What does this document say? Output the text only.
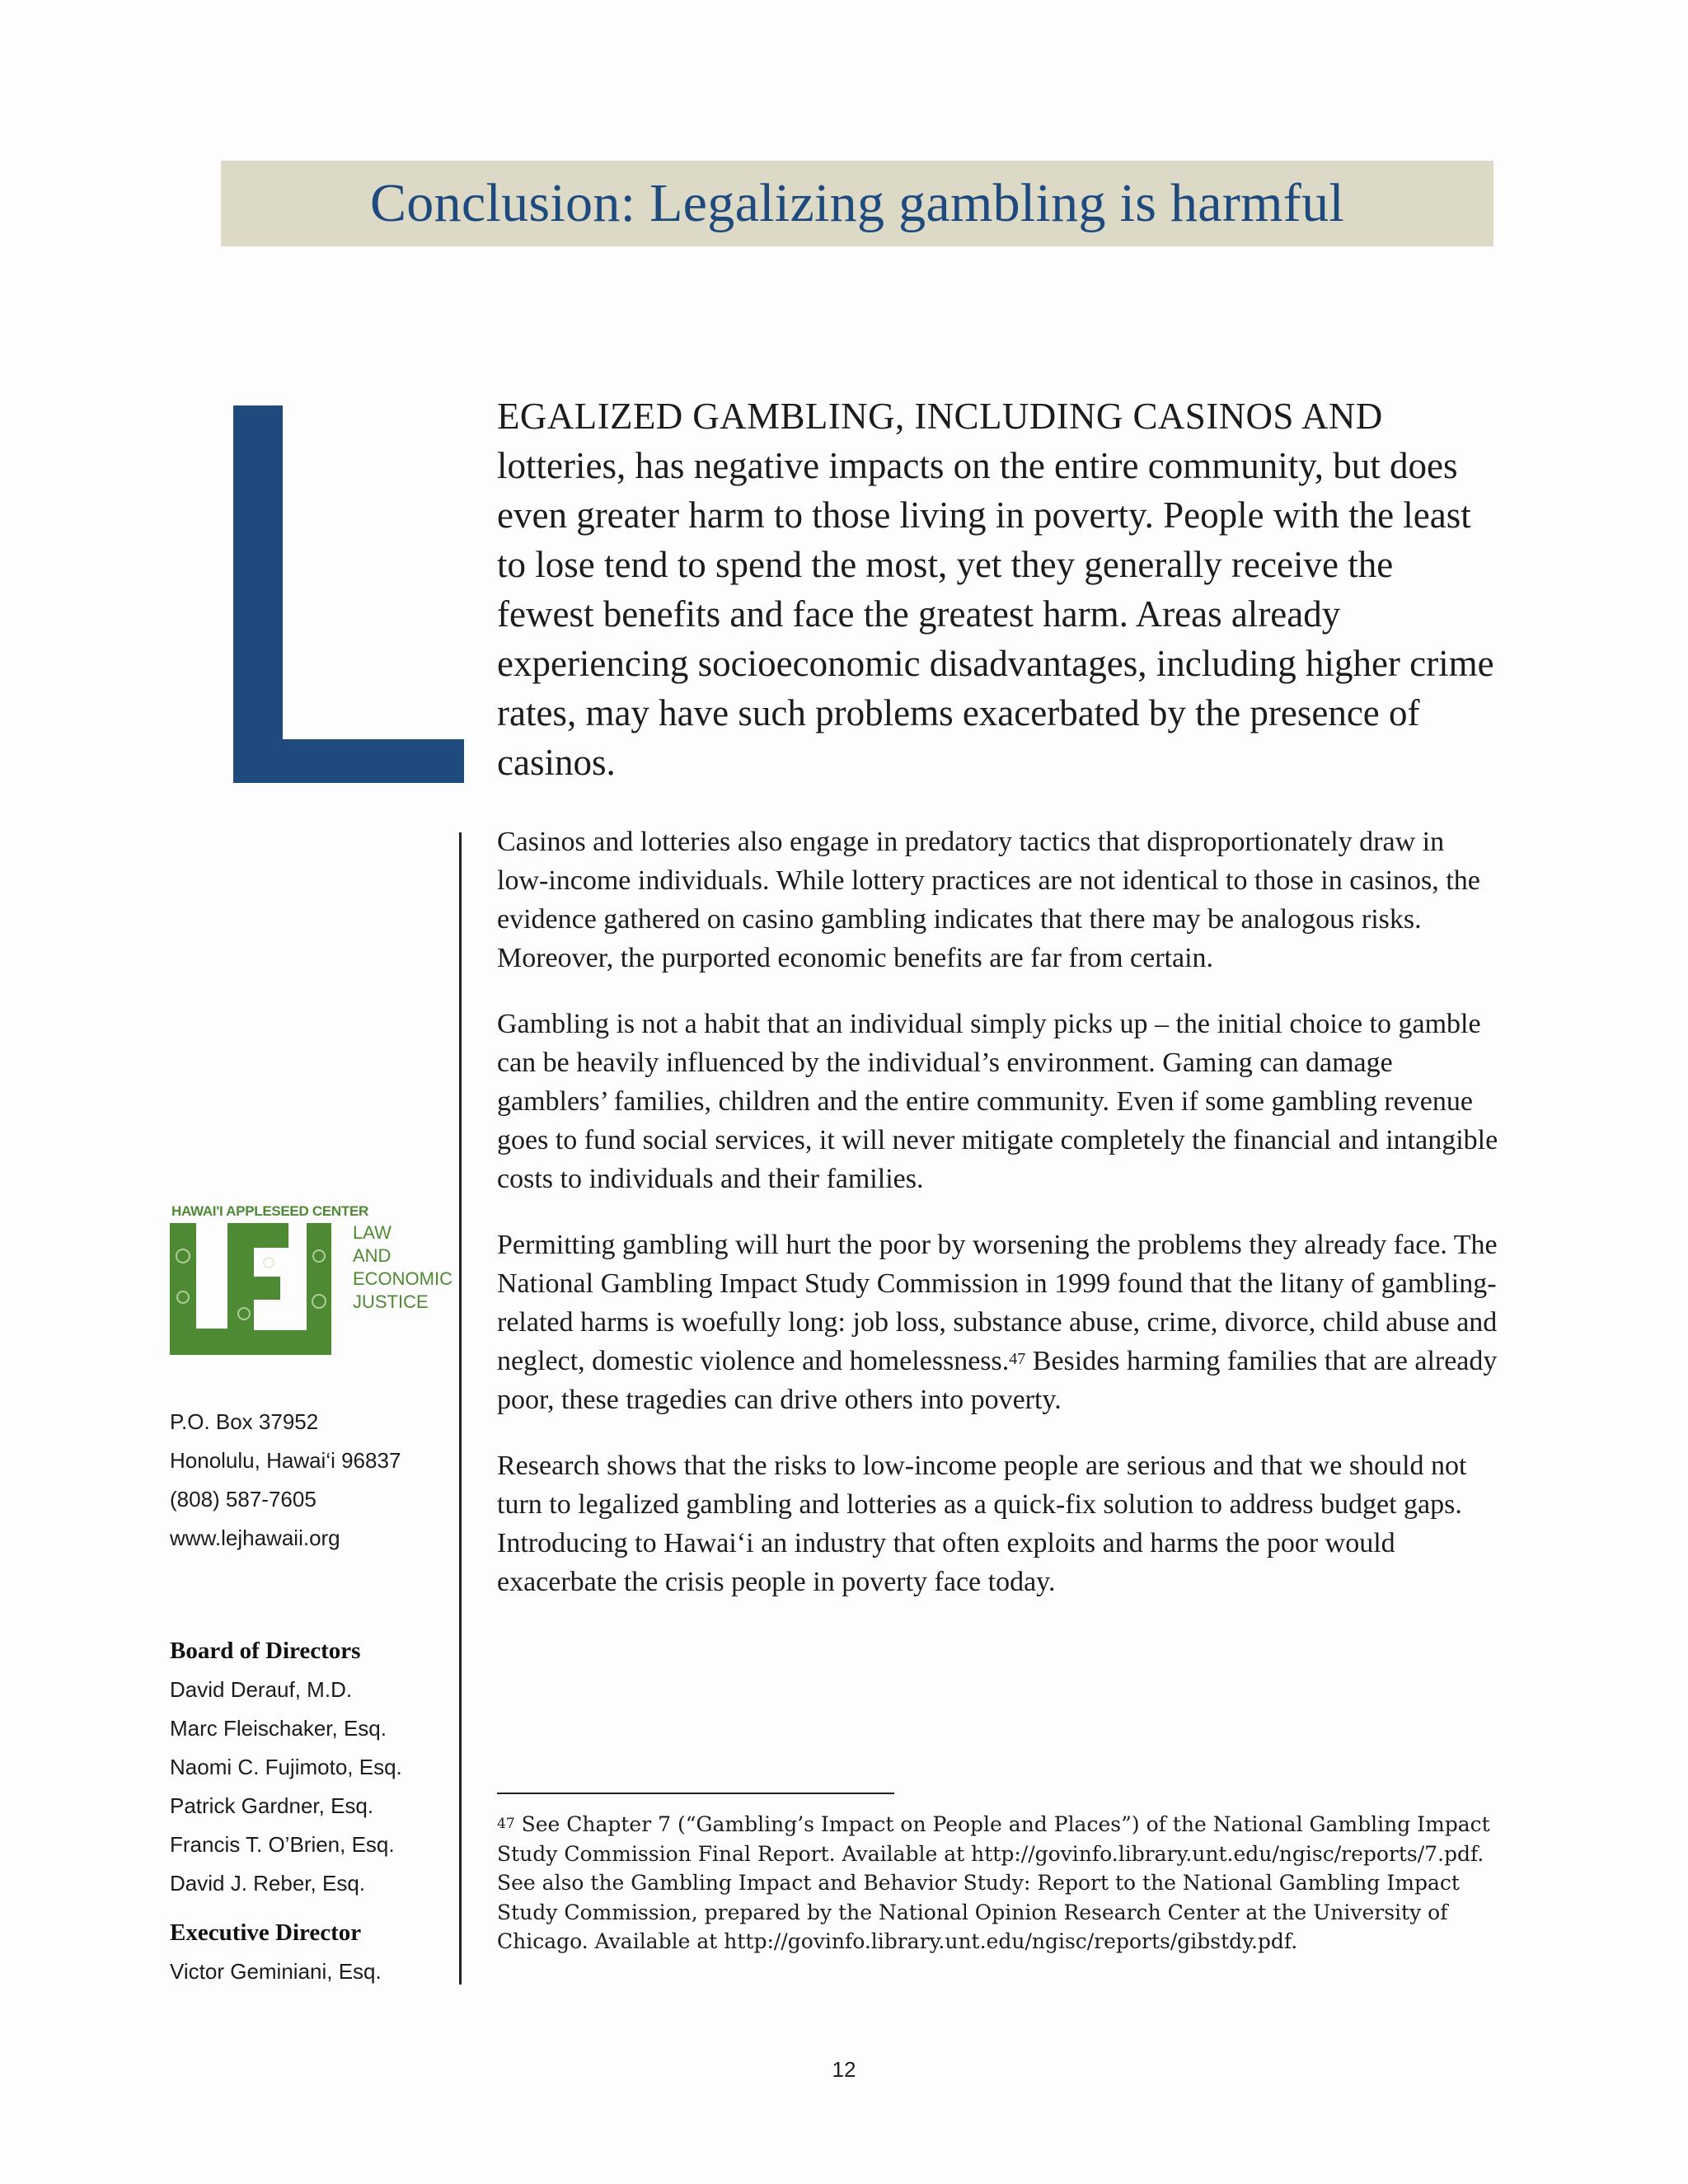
Conclusion: Legalizing gambling is harmful
EGALIZED GAMBLING, INCLUDING CASINOS AND
lotteries, has negative impacts on the entire community, but does even greater harm to those living in poverty. People with the least to lose tend to spend the most, yet they generally receive the fewest benefits and face the greatest harm. Areas already experiencing socioeconomic disadvantages, including higher crime rates, may have such problems exacerbated by the presence of casinos.

Casinos and lotteries also engage in predatory tactics that disproportionately draw in low-income individuals. While lottery practices are not identical to those in casinos, the evidence gathered on casino gambling indicates that there may be analogous risks. Moreover, the purported economic benefits are far from certain.

Gambling is not a habit that an individual simply picks up – the initial choice to gamble can be heavily influenced by the individual’s environment. Gaming can damage gamblers’ families, children and the entire community. Even if some gambling revenue goes to fund social services, it will never mitigate completely the financial and intangible costs to individuals and their families.

Permitting gambling will hurt the poor by worsening the problems they already face. The National Gambling Impact Study Commission in 1999 found that the litany of gambling-related harms is woefully long: job loss, substance abuse, crime, divorce, child abuse and neglect, domestic violence and homelessness.$^{47}$ Besides harming families that are already poor, these tragedies can drive others into poverty.

Research shows that the risks to low-income people are serious and that we should not turn to legalized gambling and lotteries as a quick-fix solution to address budget gaps. Introducing to Hawai‘i an industry that often exploits and harms the poor would exacerbate the crisis people in poverty face today.

$^{47}$ See Chapter 7 (“Gambling’s Impact on People and Places”) of the National Gambling Impact Study Commission Final Report. Available at http://govinfo.library.unt.edu/ngisc/reports/7.pdf. See also the Gambling Impact and Behavior Study: Report to the National Gambling Impact Study Commission, prepared by the National Opinion Research Center at the University of Chicago. Available at http://govinfo.library.unt.edu/ngisc/reports/gibstdy.pdf.
HAWAI'I APPLESEED CENTER
LAW
AND
ECONOMIC
JUSTICE
P.O. Box 37952
Honolulu, Hawai‘i 96837
(808) 587-7605
www.lejhawaii.org
Board of Directors
David Derauf, M.D.
Marc Fleischaker, Esq.
Naomi C. Fujimoto, Esq.
Patrick Gardner, Esq.
Francis T. O’Brien, Esq.
David J. Reber, Esq.
Executive Director
Victor Geminiani, Esq.
12
